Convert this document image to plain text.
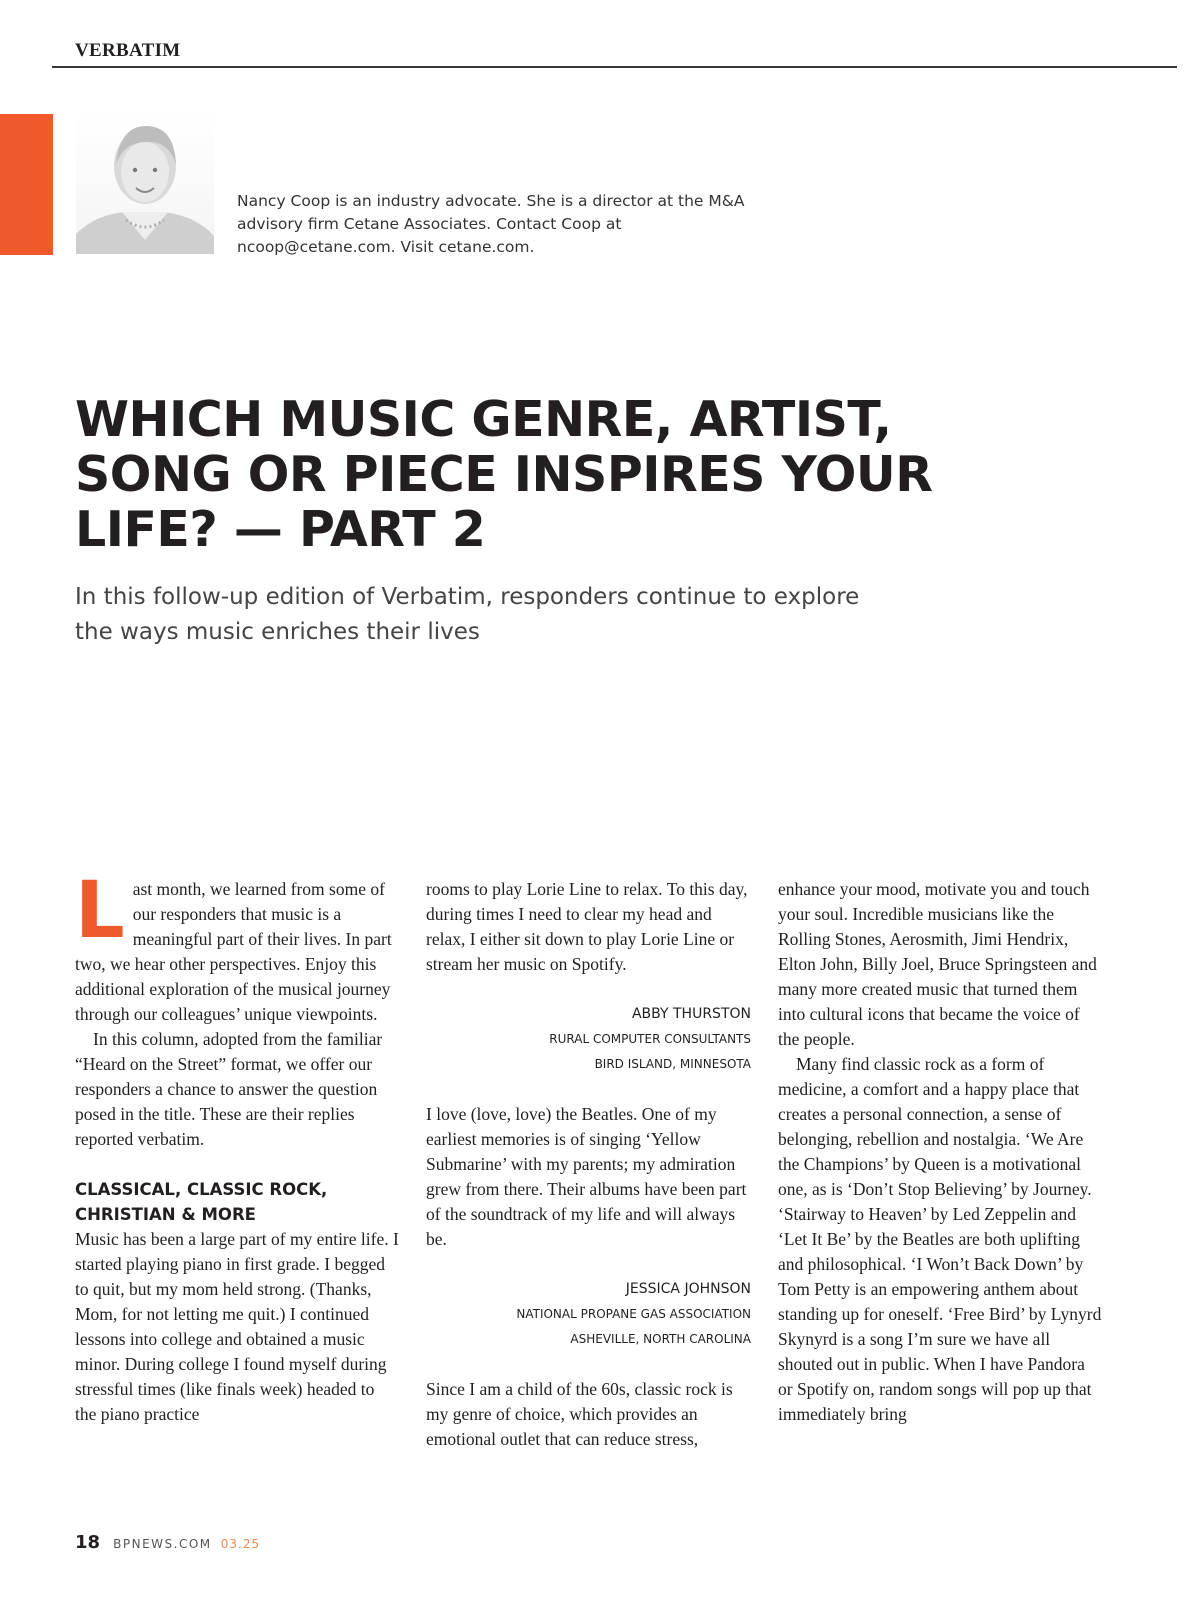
VERBATIM
Nancy Coop is an industry advocate. She is a director at the M&A advisory firm Cetane Associates. Contact Coop at ncoop@cetane.com. Visit cetane.com.
WHICH MUSIC GENRE, ARTIST, SONG OR PIECE INSPIRES YOUR LIFE? — PART 2
In this follow-up edition of Verbatim, responders continue to explore the ways music enriches their lives

Last month, we learned from some of our responders that music is a meaningful part of their lives. In part two, we hear other perspectives. Enjoy this additional exploration of the musical journey through our colleagues’ unique viewpoints.

In this column, adopted from the familiar “Heard on the Street” format, we offer our responders a chance to answer the question posed in the title. These are their replies reported verbatim.

CLASSICAL, CLASSIC ROCK, CHRISTIAN & MORE

Music has been a large part of my entire life. I started playing piano in first grade. I begged to quit, but my mom held strong. (Thanks, Mom, for not letting me quit.) I continued lessons into college and obtained a music minor. During college I found myself during stressful times (like finals week) headed to the piano practice

rooms to play Lorie Line to relax. To this day, during times I need to clear my head and relax, I either sit down to play Lorie Line or stream her music on Spotify.

ABBY THURSTON
RURAL COMPUTER CONSULTANTS
BIRD ISLAND, MINNESOTA

I love (love, love) the Beatles. One of my earliest memories is of singing ‘Yellow Submarine’ with my parents; my admiration grew from there. Their albums have been part of the soundtrack of my life and will always be.

JESSICA JOHNSON
NATIONAL PROPANE GAS ASSOCIATION
ASHEVILLE, NORTH CAROLINA

Since I am a child of the 60s, classic rock is my genre of choice, which provides an emotional outlet that can reduce stress,

enhance your mood, motivate you and touch your soul. Incredible musicians like the Rolling Stones, Aerosmith, Jimi Hendrix, Elton John, Billy Joel, Bruce Springsteen and many more created music that turned them into cultural icons that became the voice of the people.

Many find classic rock as a form of medicine, a comfort and a happy place that creates a personal connection, a sense of belonging, rebellion and nostalgia. ‘We Are the Champions’ by Queen is a motivational one, as is ‘Don’t Stop Believing’ by Journey. ‘Stairway to Heaven’ by Led Zeppelin and ‘Let It Be’ by the Beatles are both uplifting and philosophical. ‘I Won’t Back Down’ by Tom Petty is an empowering anthem about standing up for oneself. ‘Free Bird’ by Lynyrd Skynyrd is a song I’m sure we have all shouted out in public. When I have Pandora or Spotify on, random songs will pop up that immediately bring

18 BPNEWS.COM 03.25
